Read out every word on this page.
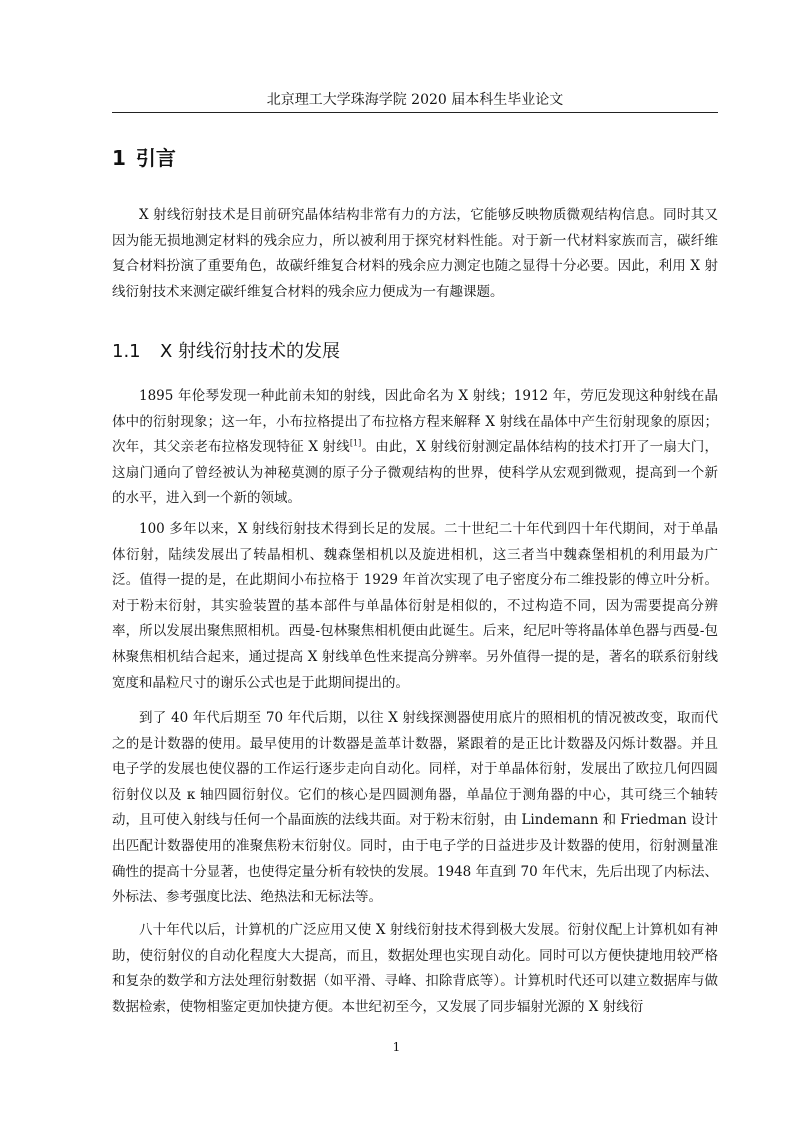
北京理工大学珠海学院 2020 届本科生毕业论文
1 引言

X 射线衍射技术是目前研究晶体结构非常有力的方法，它能够反映物质微观结构信息。同时其又因为能无损地测定材料的残余应力，所以被利用于探究材料性能。对于新一代材料家族而言，碳纤维复合材料扮演了重要角色，故碳纤维复合材料的残余应力测定也随之显得十分必要。因此，利用 X 射线衍射技术来测定碳纤维复合材料的残余应力便成为一有趣课题。

1.1 X 射线衍射技术的发展

1895 年伦琴发现一种此前未知的射线，因此命名为 X 射线；1912 年，劳厄发现这种射线在晶体中的衍射现象；这一年，小布拉格提出了布拉格方程来解释 X 射线在晶体中产生衍射现象的原因；次年，其父亲老布拉格发现特征 X 射线[1]。由此，X 射线衍射测定晶体结构的技术打开了一扇大门，这扇门通向了曾经被认为神秘莫测的原子分子微观结构的世界，使科学从宏观到微观，提高到一个新的水平，进入到一个新的领域。

100 多年以来，X 射线衍射技术得到长足的发展。二十世纪二十年代到四十年代期间，对于单晶体衍射，陆续发展出了转晶相机、魏森堡相机以及旋进相机，这三者当中魏森堡相机的利用最为广泛。值得一提的是，在此期间小布拉格于 1929 年首次实现了电子密度分布二维投影的傅立叶分析。对于粉末衍射，其实验装置的基本部件与单晶体衍射是相似的，不过构造不同，因为需要提高分辨率，所以发展出聚焦照相机。西曼-包林聚焦相机便由此诞生。后来，纪尼叶等将晶体单色器与西曼-包林聚焦相机结合起来，通过提高 X 射线单色性来提高分辨率。另外值得一提的是，著名的联系衍射线宽度和晶粒尺寸的谢乐公式也是于此期间提出的。

到了 40 年代后期至 70 年代后期，以往 X 射线探测器使用底片的照相机的情况被改变，取而代之的是计数器的使用。最早使用的计数器是盖革计数器，紧跟着的是正比计数器及闪烁计数器。并且电子学的发展也使仪器的工作运行逐步走向自动化。同样，对于单晶体衍射，发展出了欧拉几何四圆衍射仪以及 κ 轴四圆衍射仪。它们的核心是四圆测角器，单晶位于测角器的中心，其可绕三个轴转动，且可使入射线与任何一个晶面族的法线共面。对于粉末衍射，由 Lindemann 和 Friedman 设计出匹配计数器使用的准聚焦粉末衍射仪。同时，由于电子学的日益进步及计数器的使用，衍射测量准确性的提高十分显著，也使得定量分析有较快的发展。1948 年直到 70 年代末，先后出现了内标法、外标法、参考强度比法、绝热法和无标法等。

八十年代以后，计算机的广泛应用又使 X 射线衍射技术得到极大发展。衍射仪配上计算机如有神助，使衍射仪的自动化程度大大提高，而且，数据处理也实现自动化。同时可以方便快捷地用较严格和复杂的数学和方法处理衍射数据（如平滑、寻峰、扣除背底等）。计算机时代还可以建立数据库与做数据检索，使物相鉴定更加快捷方便。本世纪初至今，又发展了同步辐射光源的 X 射线衍

1
